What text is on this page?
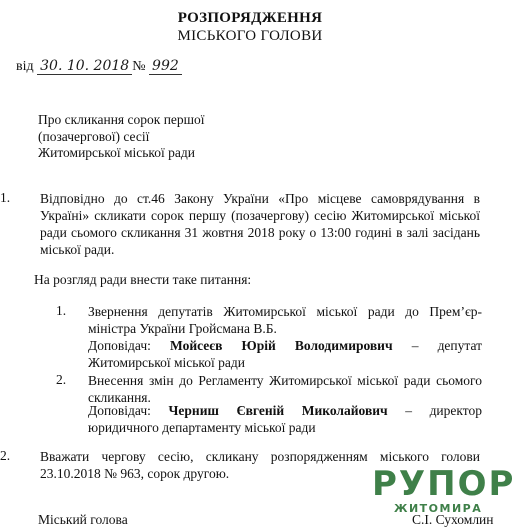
РОЗПОРЯДЖЕННЯ
МІСЬКОГО ГОЛОВИ
від 30. 10. 2018 № 992
Про скликання сорок першої
(позачергової) сесії
Житомирської міської ради
1. Відповідно до ст.46 Закону України «Про місцеве самоврядування в Україні» скликати сорок першу (позачергову) сесію Житомирської міської ради сьомого скликання 31 жовтня 2018 року о 13:00 годині в залі засідань міської ради.
На розгляд ради внести таке питання:
1. Звернення депутатів Житомирської міської ради до Прем’єр-міністра України Гройсмана В.Б.
Доповідач: Мойсеєв Юрій Володимирович – депутат Житомирської міської ради
2. Внесення змін до Регламенту Житомирської міської ради сьомого скликання.
Доповідач: Черниш Євгеній Миколайович – директор юридичного департаменту міської ради
2. Вважати чергову сесію, скликану розпорядженням міського голови 23.10.2018 № 963, сорок другою.
Міський голова	С.І. Сухомлин
РУПОР
ЖИТОМИРА
